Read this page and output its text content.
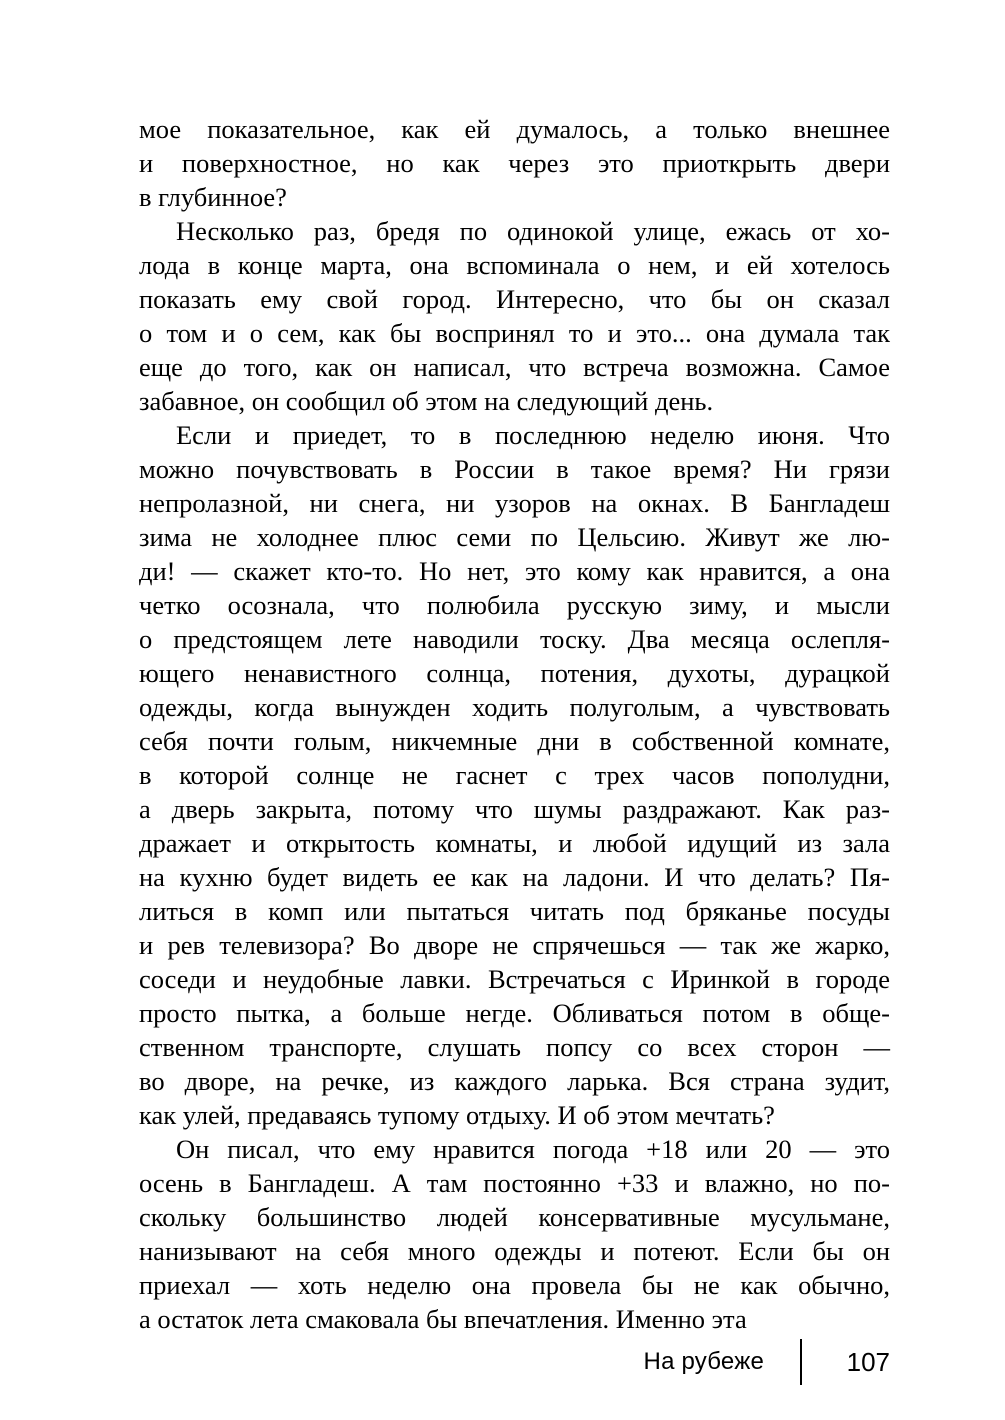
мое показательное, как ей думалось, а только внешнее
и поверхностное, но как через это приоткрыть двери
в глубинное?
Несколько раз, бредя по одинокой улице, ежась от хо-
лода в конце марта, она вспоминала о нем, и ей хотелось
показать ему свой город. Интересно, что бы он сказал
о том и о сем, как бы воспринял то и это... она думала так
еще до того, как он написал, что встреча возможна. Самое
забавное, он сообщил об этом на следующий день.
Если и приедет, то в последнюю неделю июня. Что
можно почувствовать в России в такое время? Ни грязи
непролазной, ни снега, ни узоров на окнах. В Бангладеш
зима не холоднее плюс семи по Цельсию. Живут же лю-
ди! — скажет кто-то. Но нет, это кому как нравится, а она
четко осознала, что полюбила русскую зиму, и мысли
о предстоящем лете наводили тоску. Два месяца ослепля-
ющего ненавистного солнца, потения, духоты, дурацкой
одежды, когда вынужден ходить полуголым, а чувствовать
себя почти голым, никчемные дни в собственной комнате,
в которой солнце не гаснет с трех часов пополудни,
а дверь закрыта, потому что шумы раздражают. Как раз-
дражает и открытость комнаты, и любой идущий из зала
на кухню будет видеть ее как на ладони. И что делать? Пя-
литься в комп или пытаться читать под бряканье посуды
и рев телевизора? Во дворе не спрячешься — так же жарко,
соседи и неудобные лавки. Встречаться с Иринкой в городе
просто пытка, а больше негде. Обливаться потом в обще-
ственном транспорте, слушать попсу со всех сторон —
во дворе, на речке, из каждого ларька. Вся страна зудит,
как улей, предаваясь тупому отдыху. И об этом мечтать?
Он писал, что ему нравится погода +18 или 20 — это
осень в Бангладеш. А там постоянно +33 и влажно, но по-
скольку большинство людей консервативные мусульмане,
нанизывают на себя много одежды и потеют. Если бы он
приехал — хоть неделю она провела бы не как обычно,
а остаток лета смаковала бы впечатления. Именно эта
На рубеже	107
